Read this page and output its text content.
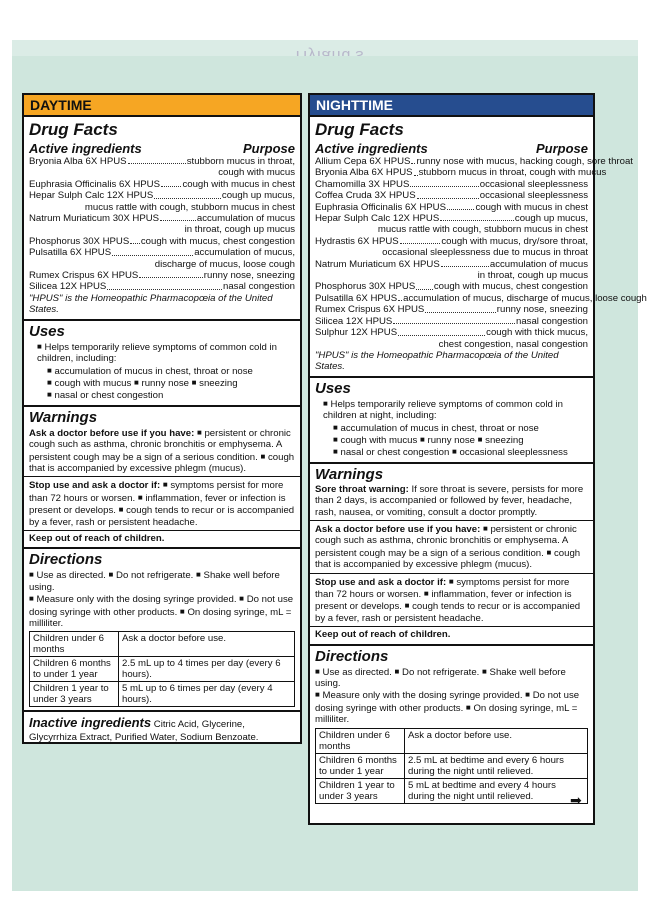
DAYTIME
Drug Facts
Active ingredients	Purpose
Bryonia Alba 6X HPUS	stubborn mucus in throat,
cough with mucus
Euphrasia Officinalis 6X HPUS cough with mucus in chest
Hepar Sulph Calc 12X HPUS	cough up mucus,
mucus rattle with cough, stubborn mucus in chest
Natrum Muriaticum 30X HPUS	accumulation of mucus
in throat, cough up mucus
Phosphorus 30X HPUS cough with mucus, chest congestion
Pulsatilla 6X HPUS	accumulation of mucus,
discharge of mucus, loose cough
Rumex Crispus 6X HPUS	runny nose, sneezing
Silicea 12X HPUS	nasal congestion
"HPUS" is the Homeopathic Pharmacopœia of the United States.
Uses
■ Helps temporarily relieve symptoms of common cold in children, including:
■ accumulation of mucus in chest, throat or nose
■ cough with mucus ■ runny nose ■ sneezing
■ nasal or chest congestion
Warnings
Ask a doctor before use if you have: ■ persistent or chronic cough such as asthma, chronic bronchitis or emphysema. A persistent cough may be a sign of a serious condition. ■ cough that is accompanied by excessive phlegm (mucus).
Stop use and ask a doctor if: ■ symptoms persist for more than 72 hours or worsen. ■ inflammation, fever or infection is present or develops. ■ cough tends to recur or is accompanied by a fever, rash or persistent headache.
Keep out of reach of children.
Directions
■ Use as directed. ■ Do not refrigerate. ■ Shake well before using.
■ Measure only with the dosing syringe provided. ■ Do not use dosing syringe with other products. ■ On dosing syringe, mL = milliliter.
Children under 6 months	Ask a doctor before use.
Children 6 months to under 1 year	2.5 mL up to 4 times per day (every 6 hours).
Children 1 year to under 3 years	5 mL up to 6 times per day (every 4 hours).
Inactive ingredients Citric Acid, Glycerine, Glycyrrhiza Extract, Purified Water, Sodium Benzoate.
NIGHTTIME
Drug Facts
Active ingredients	Purpose
Allium Cepa 6X HPUS runny nose with mucus, hacking cough, sore throat
Bryonia Alba 6X HPUS stubborn mucus in throat, cough with mucus
Chamomilla 3X HPUS	occasional sleeplessness
Coffea Cruda 3X HPUS	occasional sleeplessness
Euphrasia Officinalis 6X HPUS	cough with mucus in chest
Hepar Sulph Calc 12X HPUS	cough up mucus,
mucus rattle with cough, stubborn mucus in chest
Hydrastis 6X HPUS	cough with mucus, dry/sore throat,
occasional sleeplessness due to mucus in throat
Natrum Muriaticum 6X HPUS	accumulation of mucus
in throat, cough up mucus
Phosphorus 30X HPUS cough with mucus, chest congestion
Pulsatilla 6X HPUS accumulation of mucus, discharge of mucus, loose cough
Rumex Crispus 6X HPUS	runny nose, sneezing
Silicea 12X HPUS	nasal congestion
Sulphur 12X HPUS	cough with thick mucus,
chest congestion, nasal congestion
"HPUS" is the Homeopathic Pharmacopœia of the United States.
Uses
■ Helps temporarily relieve symptoms of common cold in children at night, including:
■ accumulation of mucus in chest, throat or nose
■ cough with mucus ■ runny nose ■ sneezing
■ nasal or chest congestion ■ occasional sleeplessness
Warnings
Sore throat warning: If sore throat is severe, persists for more than 2 days, is accompanied or followed by fever, headache, rash, nausea, or vomiting, consult a doctor promptly.
Ask a doctor before use if you have: ■ persistent or chronic cough such as asthma, chronic bronchitis or emphysema. A persistent cough may be a sign of a serious condition. ■ cough that is accompanied by excessive phlegm (mucus).
Stop use and ask a doctor if: ■ symptoms persist for more than 72 hours or worsen. ■ inflammation, fever or infection is present or develops. ■ cough tends to recur or is accompanied by a fever, rash or persistent headache.
Keep out of reach of children.
Directions
■ Use as directed. ■ Do not refrigerate. ■ Shake well before using.
■ Measure only with the dosing syringe provided. ■ Do not use dosing syringe with other products. ■ On dosing syringe, mL = milliliter.
Children under 6 months	Ask a doctor before use.
Children 6 months to under 1 year	2.5 mL at bedtime and every 6 hours during the night until relieved.
Children 1 year to under 3 years	5 mL at bedtime and every 4 hours during the night until relieved.	➡
